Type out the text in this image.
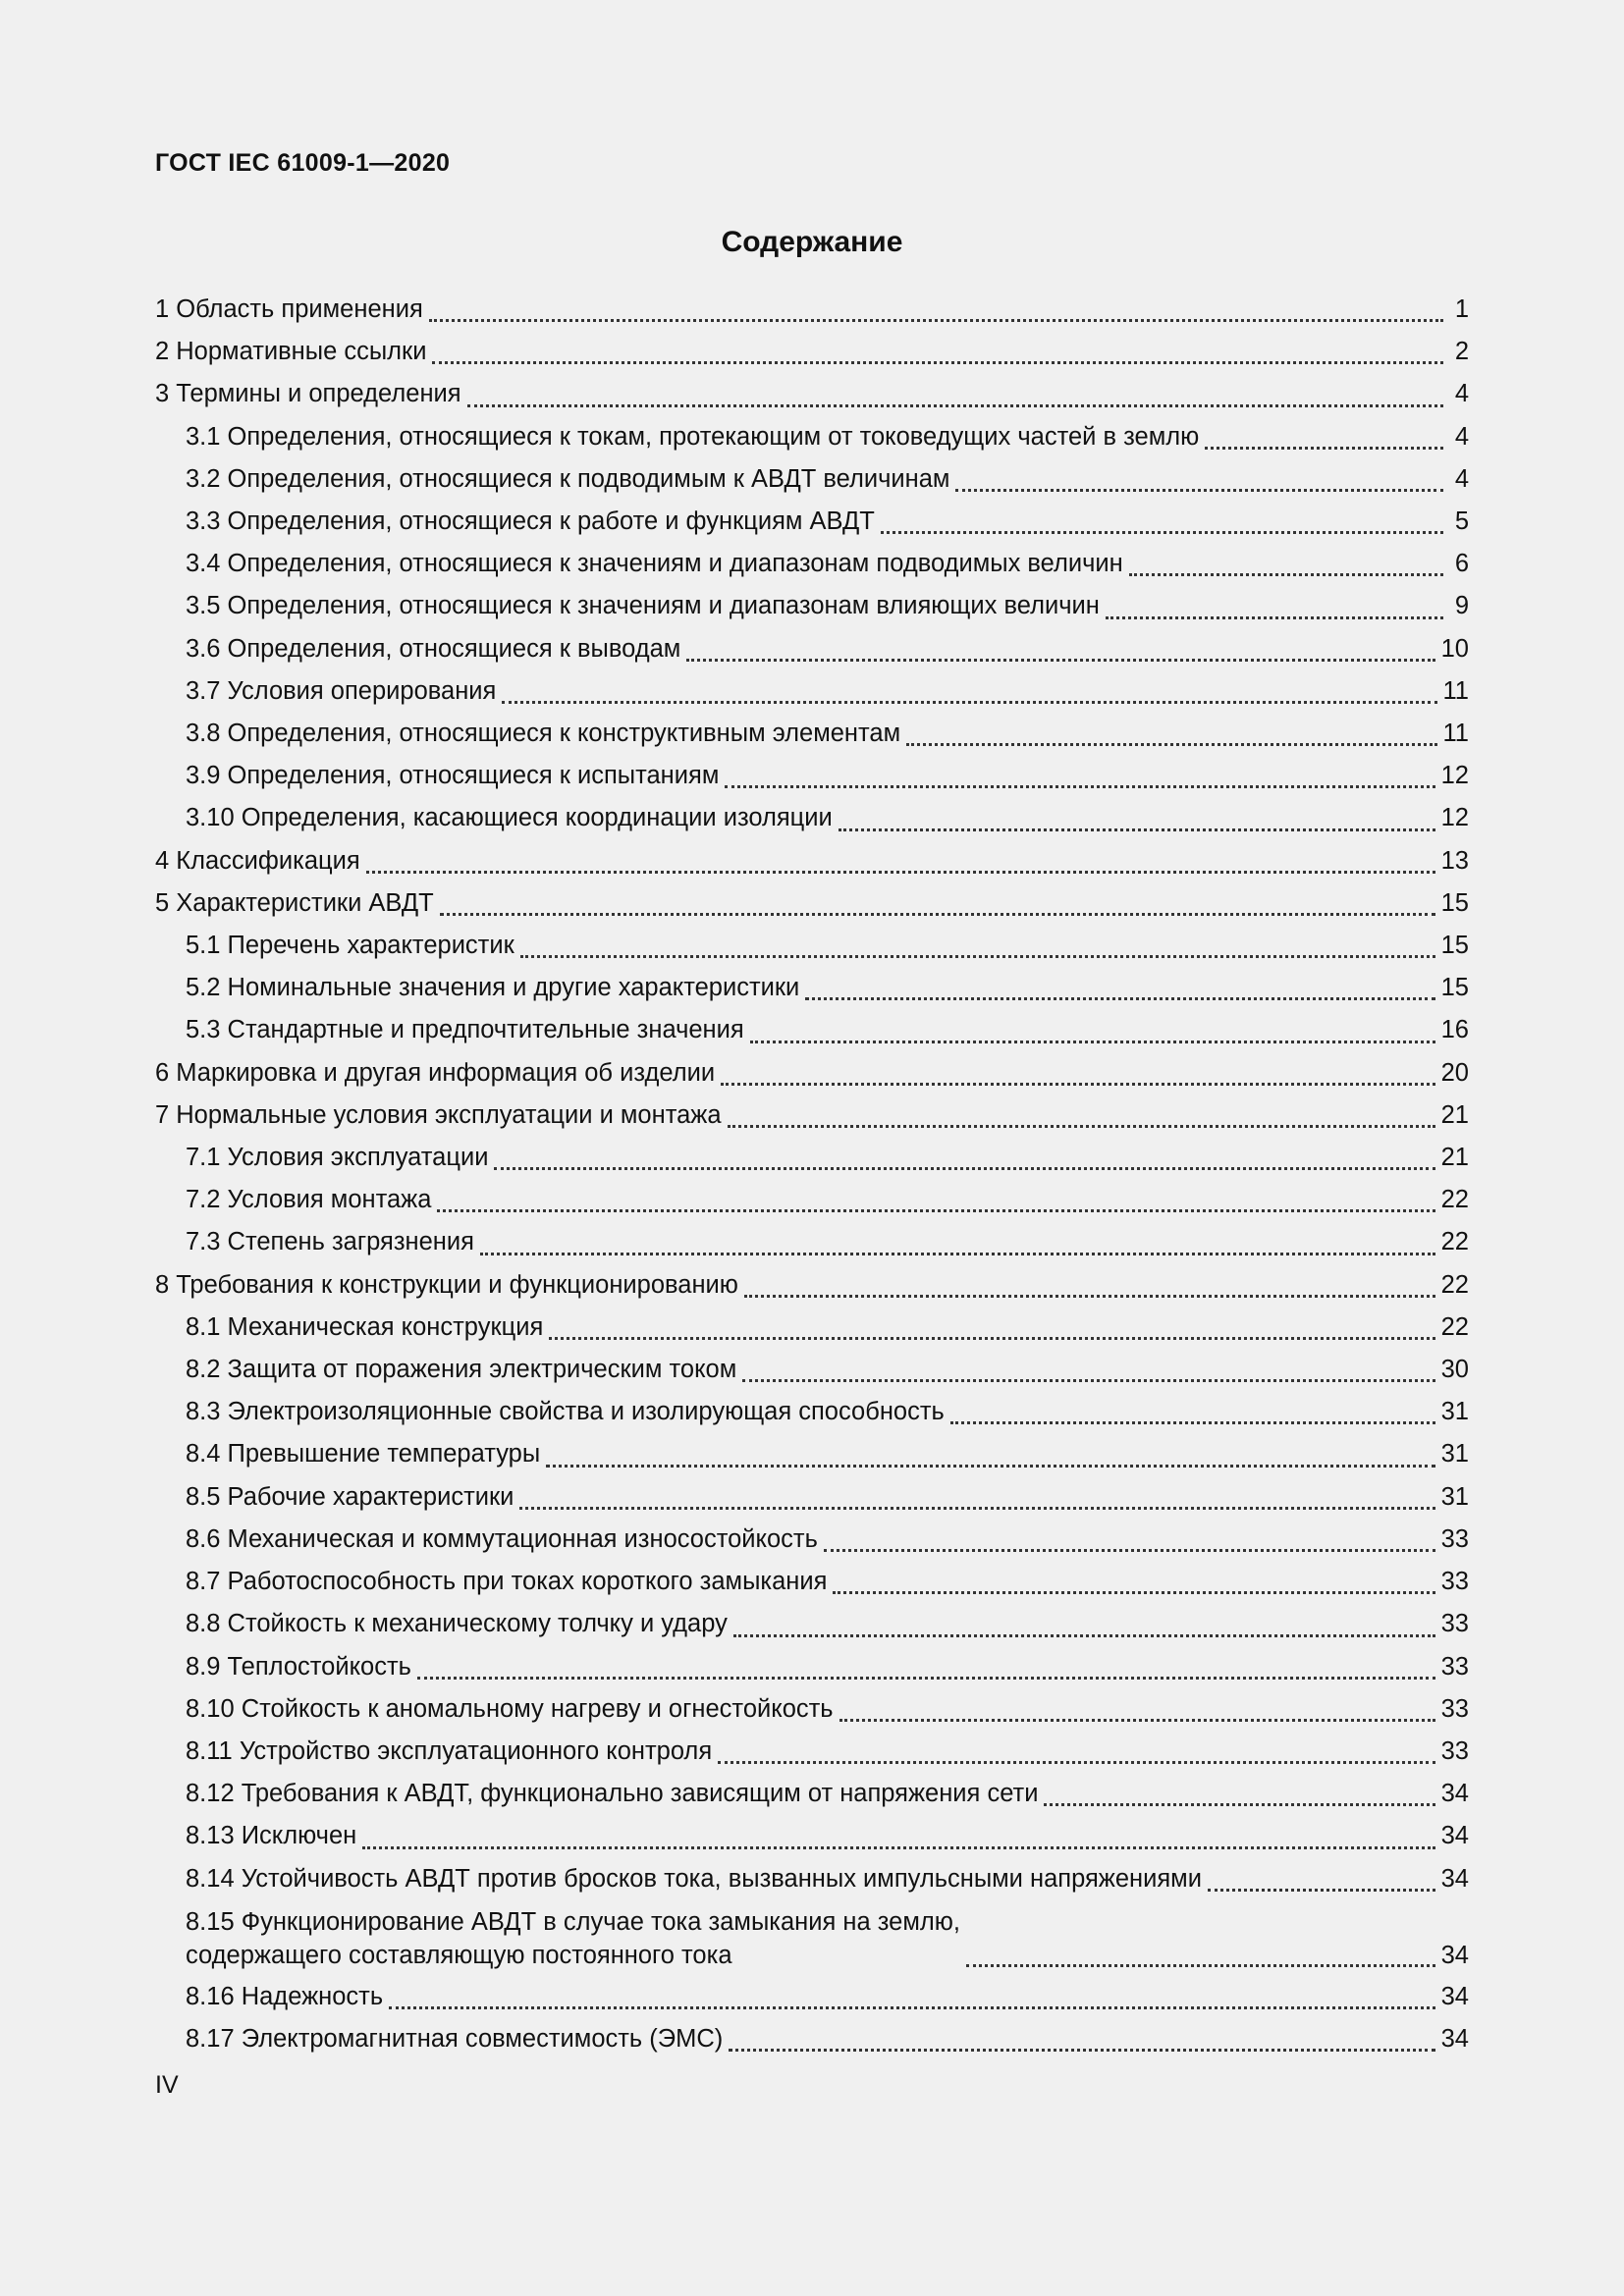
ГОСТ IEC 61009-1—2020
Содержание
1 Область применения	1
2 Нормативные ссылки	2
3 Термины и определения	4
3.1 Определения, относящиеся к токам, протекающим от токоведущих частей в землю	4
3.2 Определения, относящиеся к подводимым к АВДТ величинам	4
3.3 Определения, относящиеся к работе и функциям АВДТ	5
3.4 Определения, относящиеся к значениям и диапазонам подводимых величин	6
3.5 Определения, относящиеся к значениям и диапазонам влияющих величин	9
3.6 Определения, относящиеся к выводам	10
3.7 Условия оперирования	11
3.8 Определения, относящиеся к конструктивным элементам	11
3.9 Определения, относящиеся к испытаниям	12
3.10 Определения, касающиеся координации изоляции	12
4 Классификация	13
5 Характеристики АВДТ	15
5.1 Перечень характеристик	15
5.2 Номинальные значения и другие характеристики	15
5.3 Стандартные и предпочтительные значения	16
6 Маркировка и другая информация об изделии	20
7 Нормальные условия эксплуатации и монтажа	21
7.1 Условия эксплуатации	21
7.2 Условия монтажа	22
7.3 Степень загрязнения	22
8 Требования к конструкции и функционированию	22
8.1 Механическая конструкция	22
8.2 Защита от поражения электрическим током	30
8.3 Электроизоляционные свойства и изолирующая способность	31
8.4 Превышение температуры	31
8.5 Рабочие характеристики	31
8.6 Механическая и коммутационная износостойкость	33
8.7 Работоспособность при токах короткого замыкания	33
8.8 Стойкость к механическому толчку и удару	33
8.9 Теплостойкость	33
8.10 Стойкость к аномальному нагреву и огнестойкость	33
8.11 Устройство эксплуатационного контроля	33
8.12 Требования к АВДТ, функционально зависящим от напряжения сети	34
8.13 Исключен	34
8.14 Устойчивость АВДТ против бросков тока, вызванных импульсными напряжениями	34
8.15 Функционирование АВДТ в случае тока замыкания на землю,
содержащего составляющую постоянного тока	34
8.16 Надежность	34
8.17 Электромагнитная совместимость (ЭМС)	34
IV
